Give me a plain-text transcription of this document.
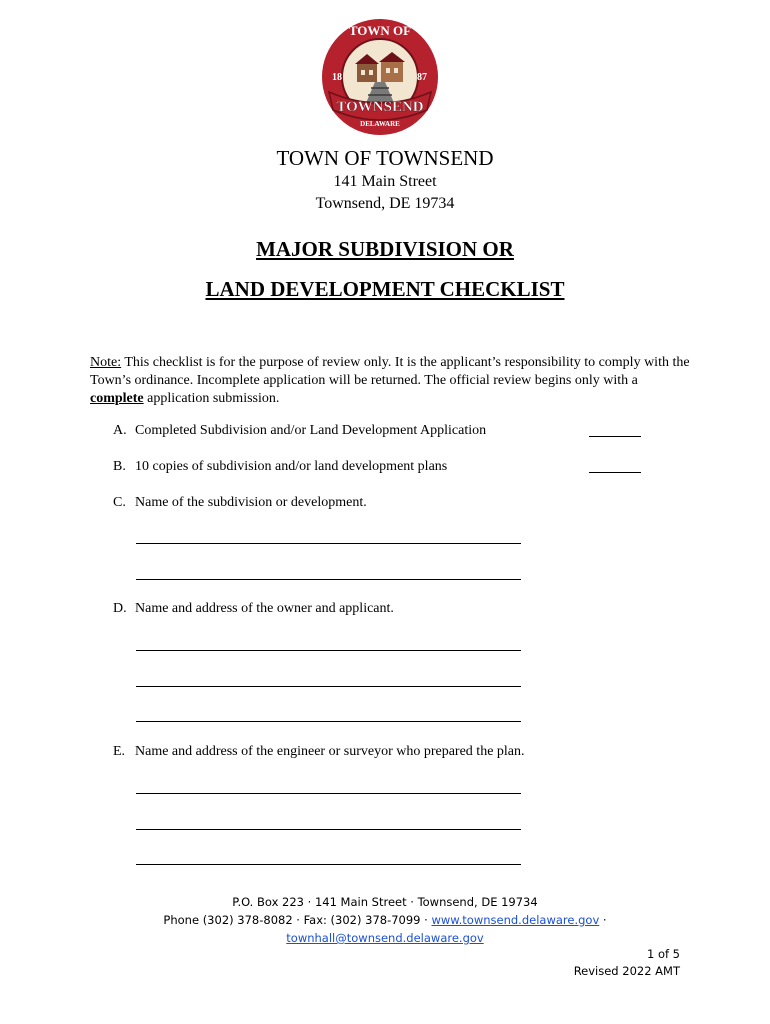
TOWNSEND
TOWN OF
18	87
DELAWARE
TOWN OF TOWNSEND
141 Main Street
Townsend, DE 19734
MAJOR SUBDIVISION OR
LAND DEVELOPMENT CHECKLIST
Note: This checklist is for the purpose of review only. It is the applicant’s responsibility to comply with the Town’s ordinance. Incomplete application will be returned. The official review begins only with a complete application submission.
A. Completed Subdivision and/or Land Development Application
B. 10 copies of subdivision and/or land development plans
C. Name of the subdivision or development.
D. Name and address of the owner and applicant.
E. Name and address of the engineer or surveyor who prepared the plan.
P.O. Box 223 · 141 Main Street · Townsend, DE 19734
Phone (302) 378-8082 · Fax: (302) 378-7099 · www.townsend.delaware.gov ·
townhall@townsend.delaware.gov
1 of 5
Revised 2022 AMT
